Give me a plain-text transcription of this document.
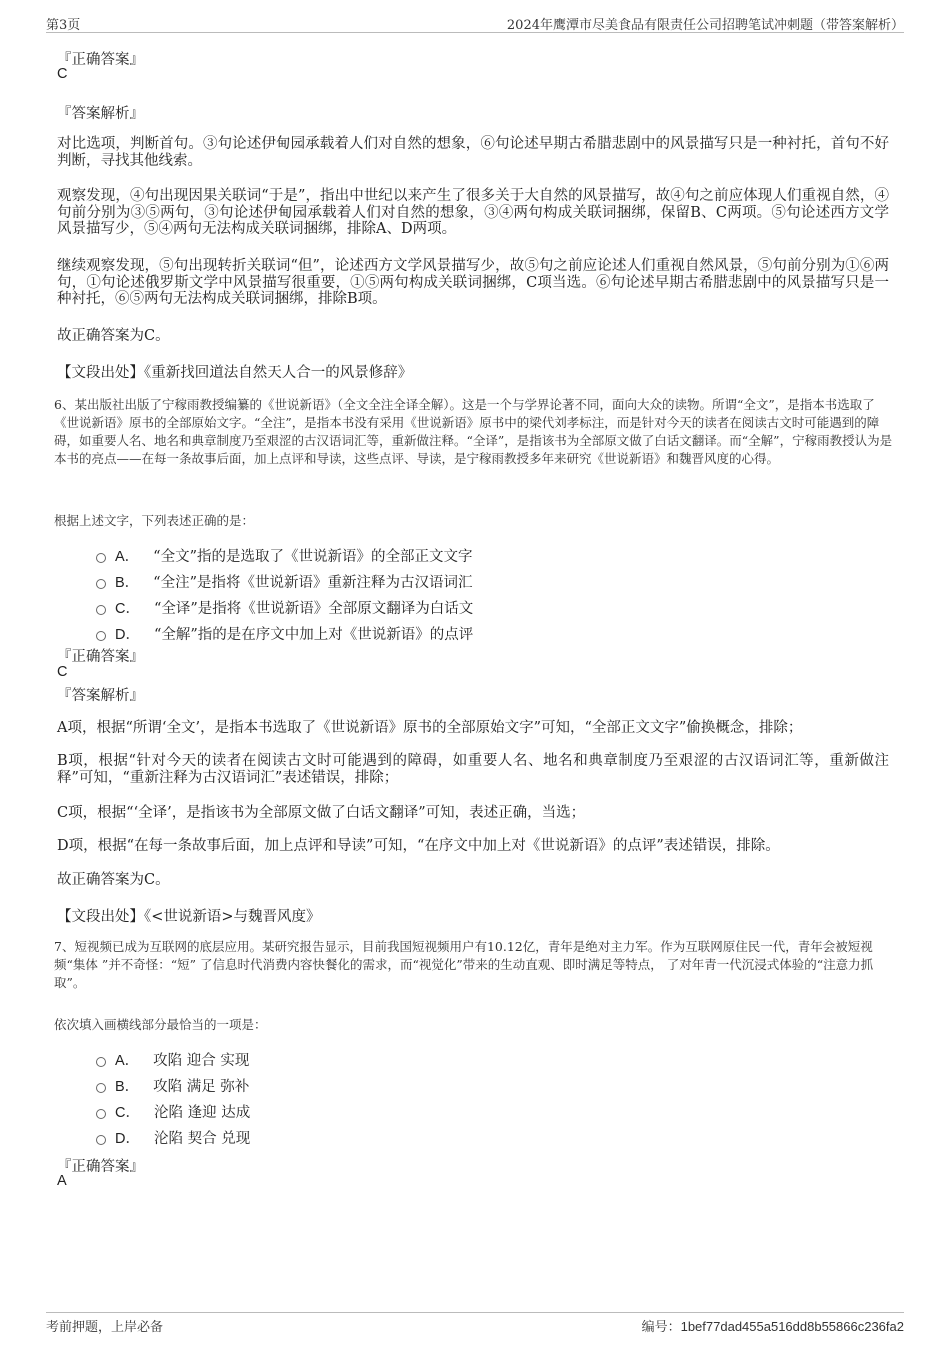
第3页	2024年鹰潭市尽美食品有限责任公司招聘笔试冲刺题（带答案解析）
『正确答案』
C
『答案解析』
对比选项，判断首句。③句论述伊甸园承载着人们对自然的想象，⑥句论述早期古希腊悲剧中的风景描写只是一种衬托，首句不好判断，寻找其他线索。
观察发现，④句出现因果关联词“于是”，指出中世纪以来产生了很多关于大自然的风景描写，故④句之前应体现人们重视自然，④句前分别为③⑤两句，③句论述伊甸园承载着人们对自然的想象，③④两句构成关联词捆绑，保留B、C两项。⑤句论述西方文学风景描写少，⑤④两句无法构成关联词捆绑，排除A、D两项。
继续观察发现，⑤句出现转折关联词“但”，论述西方文学风景描写少，故⑤句之前应论述人们重视自然风景，⑤句前分别为①⑥两句，①句论述俄罗斯文学中风景描写很重要，①⑤两句构成关联词捆绑，C项当选。⑥句论述早期古希腊悲剧中的风景描写只是一种衬托，⑥⑤两句无法构成关联词捆绑，排除B项。
故正确答案为C。
【文段出处】《重新找回道法自然天人合一的风景修辞》
6、某出版社出版了宁稼雨教授编纂的《世说新语》（全文全注全译全解）。这是一个与学界论著不同，面向大众的读物。所谓“全文”，是指本书选取了《世说新语》原书的全部原始文字。“全注”，是指本书没有采用《世说新语》原书中的梁代刘孝标注，而是针对今天的读者在阅读古文时可能遇到的障碍，如重要人名、地名和典章制度乃至艰涩的古汉语词汇等，重新做注释。“全译”，是指该书为全部原文做了白话文翻译。而“全解”，宁稼雨教授认为是本书的亮点——在每一条故事后面，加上点评和导读，这些点评、导读，是宁稼雨教授多年来研究《世说新语》和魏晋风度的心得。
根据上述文字，下列表述正确的是：
A． “全文”指的是选取了《世说新语》的全部正文文字
B． “全注”是指将《世说新语》重新注释为古汉语词汇
C． “全译”是指将《世说新语》全部原文翻译为白话文
D． “全解”指的是在序文中加上对《世说新语》的点评
『正确答案』
C
『答案解析』
A项，根据“所谓‘全文’，是指本书选取了《世说新语》原书的全部原始文字”可知，“全部正文文字”偷换概念，排除；
B项，根据“针对今天的读者在阅读古文时可能遇到的障碍，如重要人名、地名和典章制度乃至艰涩的古汉语词汇等，重新做注释”可知，“重新注释为古汉语词汇”表述错误，排除；
C项，根据“‘全译’，是指该书为全部原文做了白话文翻译”可知，表述正确，当选；
D项，根据“在每一条故事后面，加上点评和导读”可知，“在序文中加上对《世说新语》的点评”表述错误，排除。
故正确答案为C。
【文段出处】《<世说新语>与魏晋风度》
7、短视频已成为互联网的底层应用。某研究报告显示，目前我国短视频用户有10.12亿，青年是绝对主力军。作为互联网原住民一代，青年会被短视频“集体 ”并不奇怪：“短” 了信息时代消费内容快餐化的需求，而“视觉化”带来的生动直观、即时满足等特点， 了对年青一代沉浸式体验的“注意力抓取”。
依次填入画横线部分最恰当的一项是：
A． 攻陷 迎合 实现
B． 攻陷 满足 弥补
C． 沦陷 逢迎 达成
D． 沦陷 契合 兑现
『正确答案』
A
考前押题，上岸必备	编号：1bef77dad455a516dd8b55866c236fa2
